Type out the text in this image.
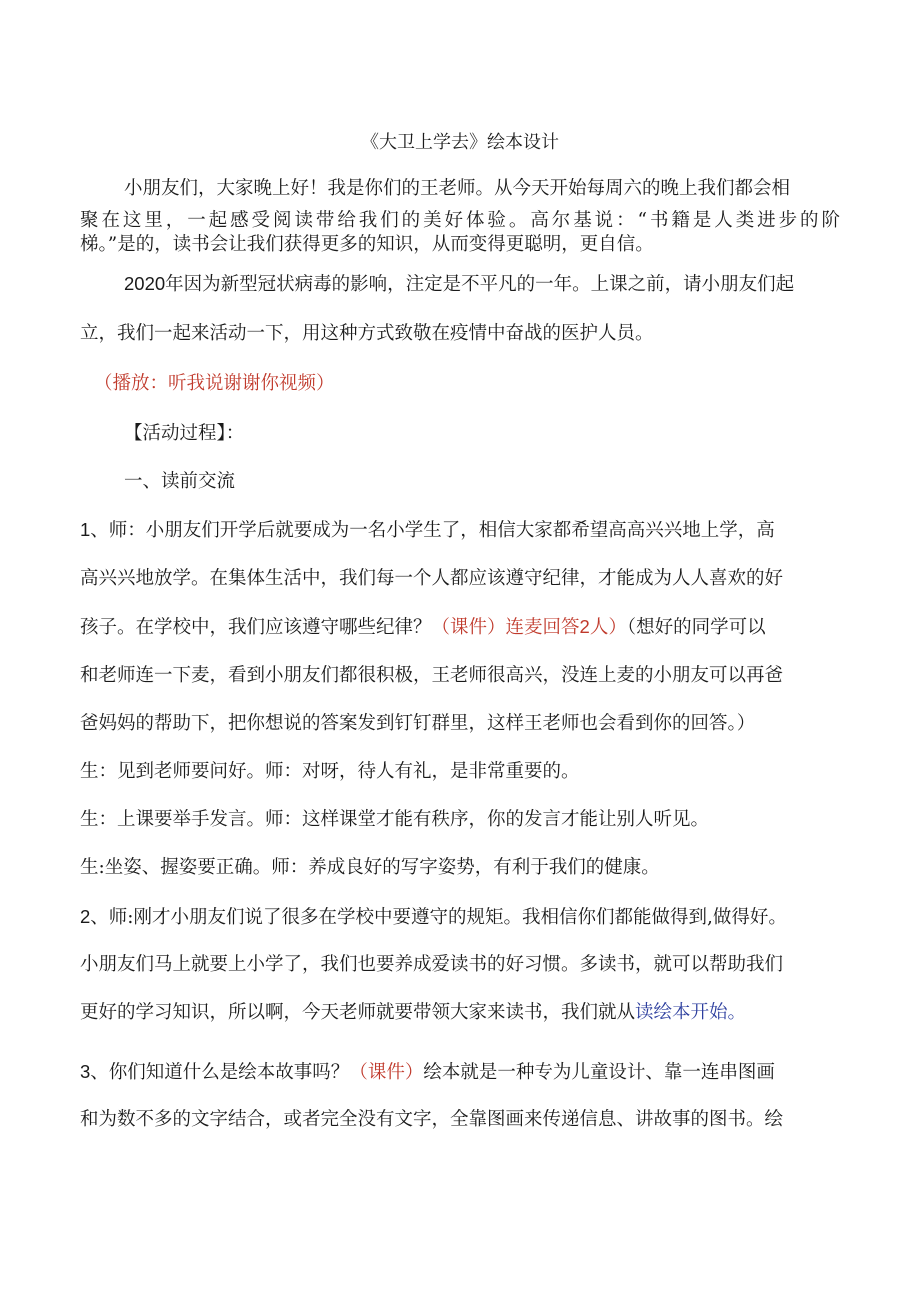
《大卫上学去》绘本设计
小朋友们，大家晚上好！我是你们的王老师。从今天开始每周六的晚上我们都会相
聚在这里，一起感受阅读带给我们的美好体验。高尔基说：“书籍是人类进步的阶
梯。”是的，读书会让我们获得更多的知识，从而变得更聪明，更自信。
2020年因为新型冠状病毒的影响，注定是不平凡的一年。上课之前，请小朋友们起
立，我们一起来活动一下，用这种方式致敬在疫情中奋战的医护人员。
（播放：听我说谢谢你视频）
【活动过程】：
一、读前交流
1、师：小朋友们开学后就要成为一名小学生了，相信大家都希望高高兴兴地上学，高
高兴兴地放学。在集体生活中，我们每一个人都应该遵守纪律，才能成为人人喜欢的好
孩子。在学校中，我们应该遵守哪些纪律？（课件）连麦回答2人）（想好的同学可以
和老师连一下麦，看到小朋友们都很积极，王老师很高兴，没连上麦的小朋友可以再爸
爸妈妈的帮助下，把你想说的答案发到钉钉群里，这样王老师也会看到你的回答。）
生：见到老师要问好。师：对呀，待人有礼，是非常重要的。
生：上课要举手发言。师：这样课堂才能有秩序，你的发言才能让别人听见。
生:坐姿、握姿要正确。师：养成良好的写字姿势，有利于我们的健康。
2、师:刚才小朋友们说了很多在学校中要遵守的规矩。我相信你们都能做得到,做得好。
小朋友们马上就要上小学了，我们也要养成爱读书的好习惯。多读书，就可以帮助我们
更好的学习知识，所以啊，今天老师就要带领大家来读书，我们就从读绘本开始。
3、你们知道什么是绘本故事吗？（课件）绘本就是一种专为儿童设计、靠一连串图画
和为数不多的文字结合，或者完全没有文字，全靠图画来传递信息、讲故事的图书。绘
